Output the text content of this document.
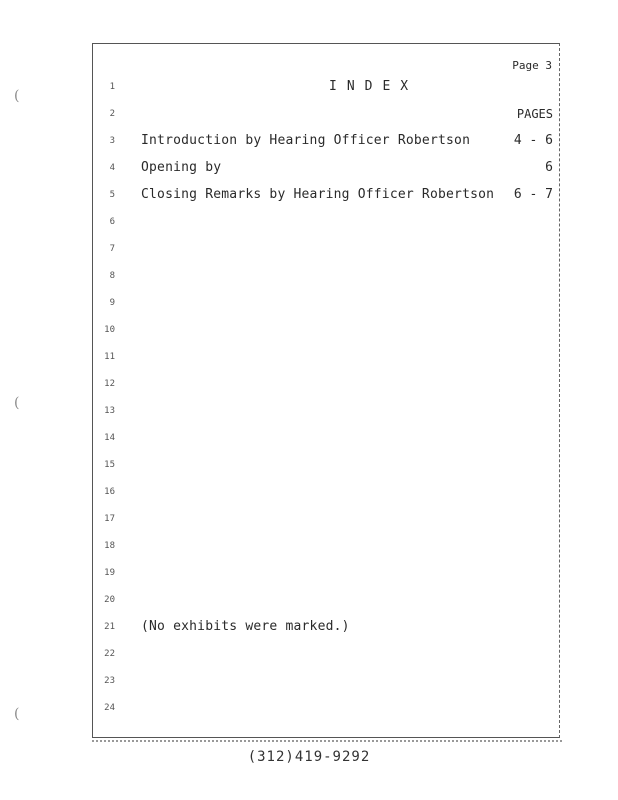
(
(
(
Page 3
1
2
3
4
5
6
7
8
9
10
11
12
13
14
15
16
17
18
19
20
21
22
23
24
INDEX
PAGES
Introduction by Hearing Officer Robertson	4 - 6
Opening by	6
Closing Remarks by Hearing Officer Robertson 6 - 7
(No exhibits were marked.)
(312)419-9292
